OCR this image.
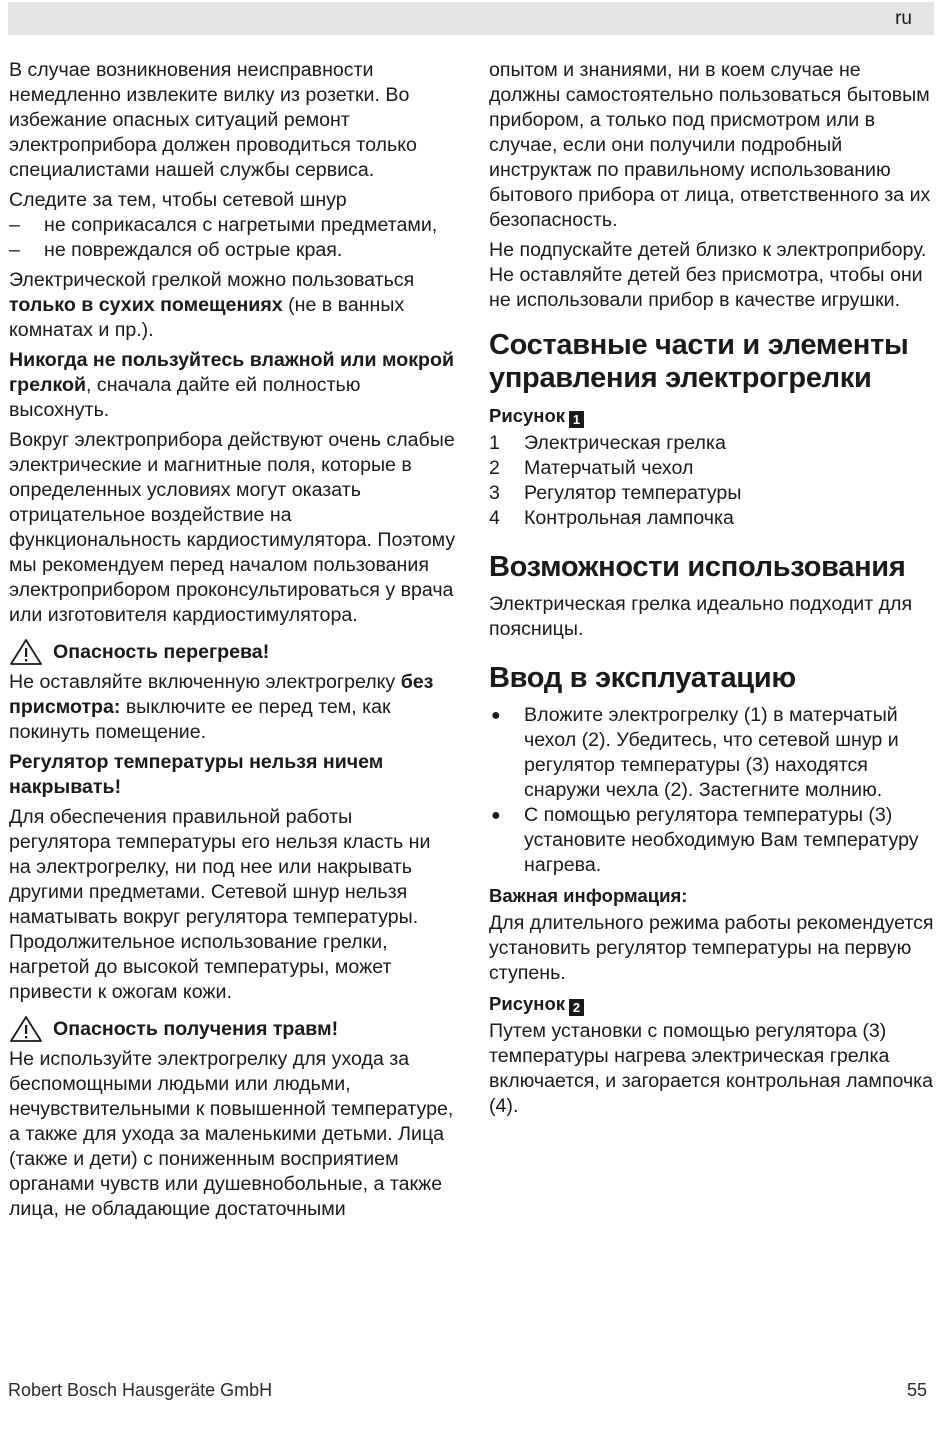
ru

В случае возникновения неисправности немедленно извлеките вилку из розетки. Во избежание опасных ситуаций ремонт электроприбора должен проводиться только специалистами нашей службы сервиса.

Следите за тем, чтобы сетевой шнур

– не соприкасался с нагретыми предметами,
– не повреждался об острые края.

Электрической грелкой можно пользоваться только в сухих помещениях (не в ванных комнатах и пр.).

Никогда не пользуйтесь влажной или мокрой грелкой, сначала дайте ей полностью высохнуть.

Вокруг электроприбора действуют очень слабые электрические и магнитные поля, которые в определенных условиях могут оказать отрицательное воздействие на функциональность кардиостимулятора. Поэтому мы рекомендуем перед началом пользования электроприбором проконсультироваться у врача или изготовителя кардиостимулятора.

Опасность перегрева!

Не оставляйте включенную электрогрелку без присмотра: выключите ее перед тем, как покинуть помещение.

Регулятор температуры нельзя ничем накрывать!

Для обеспечения правильной работы регулятора температуры его нельзя класть ни на электрогрелку, ни под нее или накрывать другими предметами. Сетевой шнур нельзя наматывать вокруг регулятора температуры. Продолжительное использование грелки, нагретой до высокой температуры, может привести к ожогам кожи.

Опасность получения травм!

Не используйте электрогрелку для ухода за беспомощными людьми или людьми, нечувствительными к повышенной температуре, а также для ухода за маленькими детьми. Лица (также и дети) с пониженным восприятием органами чувств или душевнобольные, а также лица, не обладающие достаточными

опытом и знаниями, ни в коем случае не должны самостоятельно пользоваться бытовым прибором, а только под присмотром или в случае, если они получили подробный инструктаж по правильному использованию бытового прибора от лица, ответственного за их безопасность.

Не подпускайте детей близко к электроприбору. Не оставляйте детей без присмотра, чтобы они не использовали прибор в качестве игрушки.

Составные части и элементы управления электрогрелки
Рисунок 1
1 Электрическая грелка
2 Матерчатый чехол
3 Регулятор температуры
4 Контрольная лампочка
Возможности использования

Электрическая грелка идеально подходит для поясницы.

Ввод в эксплуатацию
● Вложите электрогрелку (1) в матерчатый чехол (2). Убедитесь, что сетевой шнур и регулятор температуры (3) находятся снаружи чехла (2). Застегните молнию.
● С помощью регулятора температуры (3) установите необходимую Вам температуру нагрева.
Важная информация:

Для длительного режима работы рекомендуется установить регулятор температуры на первую ступень.

Рисунок 2

Путем установки с помощью регулятора (3) температуры нагрева электрическая грелка включается, и загорается контрольная лампочка (4).

Robert Bosch Hausgeräte GmbH	55
